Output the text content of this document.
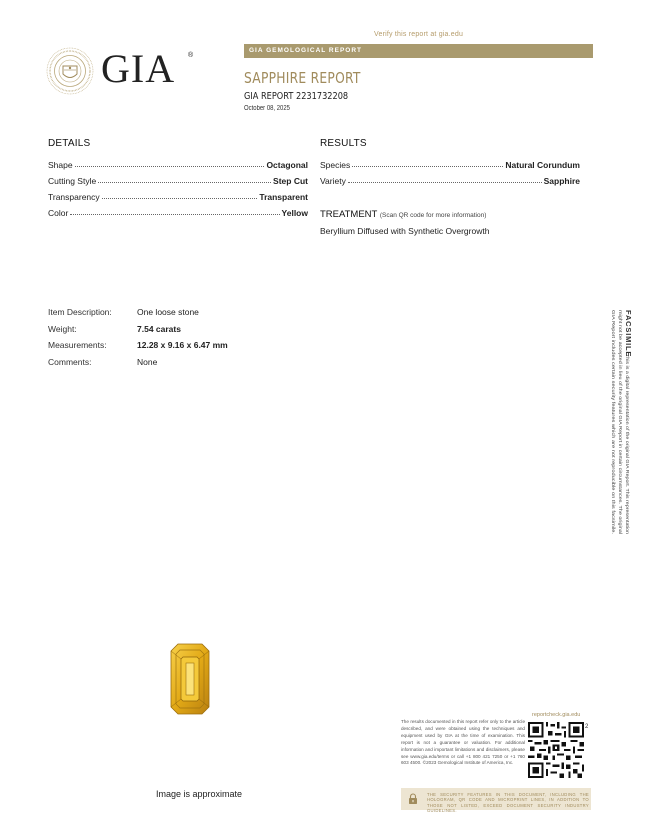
Verify this report at gia.edu
GIA ®
GIA GEMOLOGICAL REPORT
SAPPHIRE REPORT
GIA REPORT 2231732208
October 08, 2025
DETAILS
Shape	Octagonal
Cutting Style	Step Cut
Transparency	Transparent
Color	Yellow
RESULTS
Species	Natural Corundum
Variety	Sapphire
TREATMENT (Scan QR code for more information)
Beryllium Diffused with Synthetic Overgrowth
Item Description:	One loose stone
Weight:	7.54 carats
Measurements:	12.28 x 9.16 x 6.47 mm
Comments:	None
FACSIMILE
This is a digital representation of the original GIA Report. This representation
might not be accepted in lieu of the original GIA Report in certain circumstances. The original
GIA Report includes certain security features which are not reproducible on this facsimile.
Image is approximate
The results documented in this report refer only to the article described, and were obtained using the techniques and equipment used by GIA at the time of examination. This report is not a guarantee or valuation. For additional information and important limitations and disclaimers, please see www.gia.edu/terms or call +1 800 421 7250 or +1 760 603 4500. ©2023 Gemological Institute of America, Inc.
reportcheck.gia.edu
2
THE SECURITY FEATURES IN THIS DOCUMENT, INCLUDING THE HOLOGRAM, QR CODE AND MICROPRINT LINES, IN ADDITION TO THOSE NOT LISTED, EXCEED DOCUMENT SECURITY INDUSTRY GUIDELINES.
